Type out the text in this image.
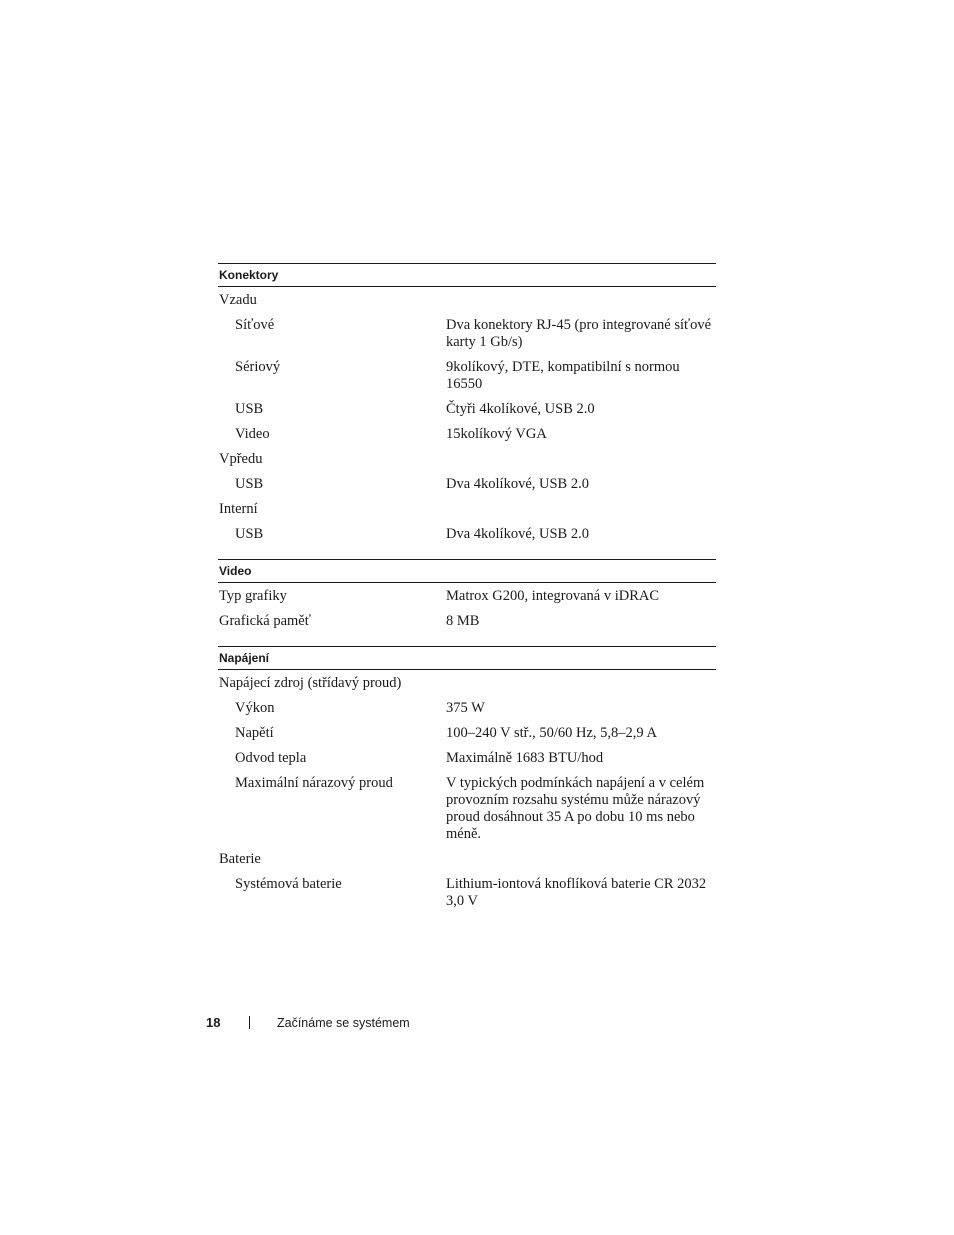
Konektory
Vzadu
Síťové	Dva konektory RJ-45 (pro integrované síťové karty 1 Gb/s)
Sériový	9kolíkový, DTE, kompatibilní s normou 16550
USB	Čtyři 4kolíkové, USB 2.0
Video	15kolíkový VGA
Vpředu
USB	Dva 4kolíkové, USB 2.0
Interní
USB	Dva 4kolíkové, USB 2.0
Video
Typ grafiky	Matrox G200, integrovaná v iDRAC
Grafická paměť	8 MB
Napájení
Napájecí zdroj (střídavý proud)
Výkon	375 W
Napětí	100–240 V stř., 50/60 Hz, 5,8–2,9 A
Odvod tepla	Maximálně 1683 BTU/hod
Maximální nárazový proud	V typických podmínkách napájení a v celém provozním rozsahu systému může nárazový proud dosáhnout 35 A po dobu 10 ms nebo méně.
Baterie
Systémová baterie	Lithium-iontová knoflíková baterie CR 2032 3,0 V
18	Začínáme se systémem
